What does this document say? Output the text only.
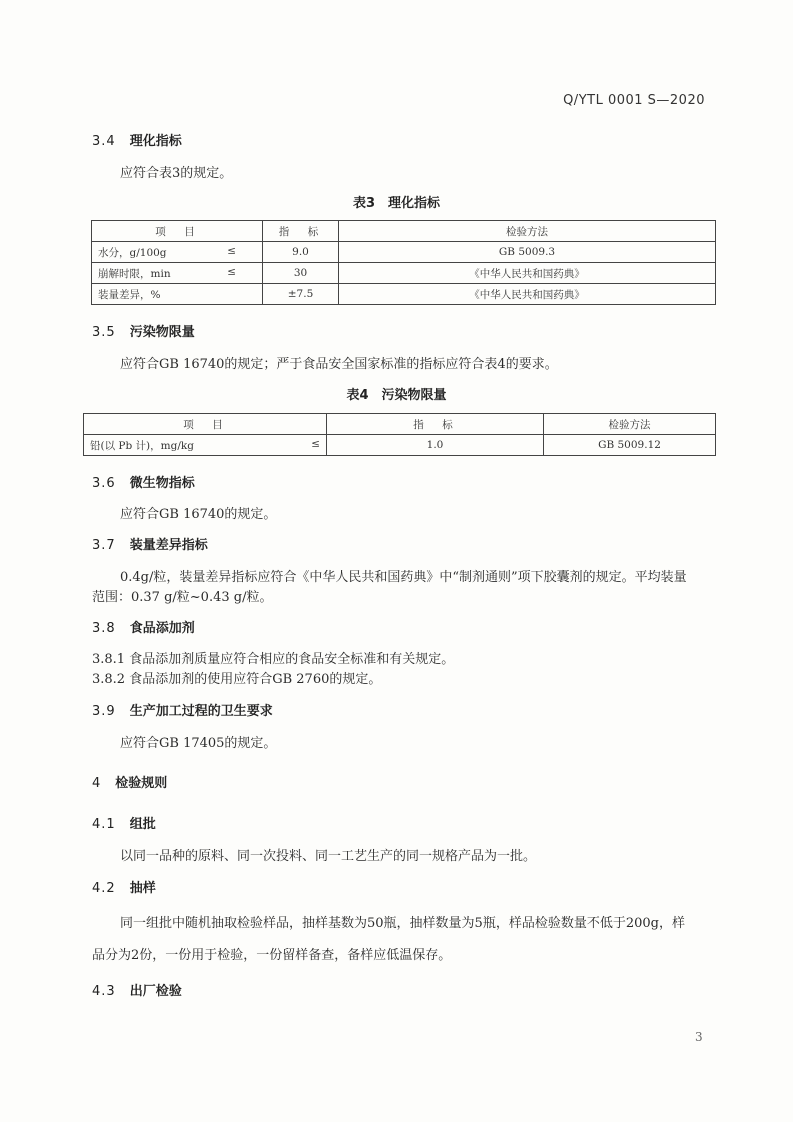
Q/YTL 0001 S—2020
3.4 理化指标
应符合表3的规定。
表3　理化指标
项　目	指　标	检验方法
水分，g/100g ≤	9.0	GB 5009.3
崩解时限，min ≤	30	《中华人民共和国药典》
装量差异，%	±7.5	《中华人民共和国药典》
3.5 污染物限量
应符合GB 16740的规定；严于食品安全国家标准的指标应符合表4的要求。
表4　污染物限量
项　目	指　标	检验方法
铅(以 Pb 计)，mg/kg ≤	1.0	GB 5009.12
3.6 微生物指标
应符合GB 16740的规定。
3.7 装量差异指标
0.4g/粒，装量差异指标应符合《中华人民共和国药典》中“制剂通则”项下胶囊剂的规定。平均装量
范围：0.37 g/粒~0.43 g/粒。
3.8 食品添加剂
3.8.1 食品添加剂质量应符合相应的食品安全标准和有关规定。
3.8.2 食品添加剂的使用应符合GB 2760的规定。
3.9 生产加工过程的卫生要求
应符合GB 17405的规定。
4 检验规则
4.1 组批
以同一品种的原料、同一次投料、同一工艺生产的同一规格产品为一批。
4.2 抽样
同一组批中随机抽取检验样品，抽样基数为50瓶，抽样数量为5瓶，样品检验数量不低于200g，样
品分为2份，一份用于检验，一份留样备查，备样应低温保存。
4.3 出厂检验
3
